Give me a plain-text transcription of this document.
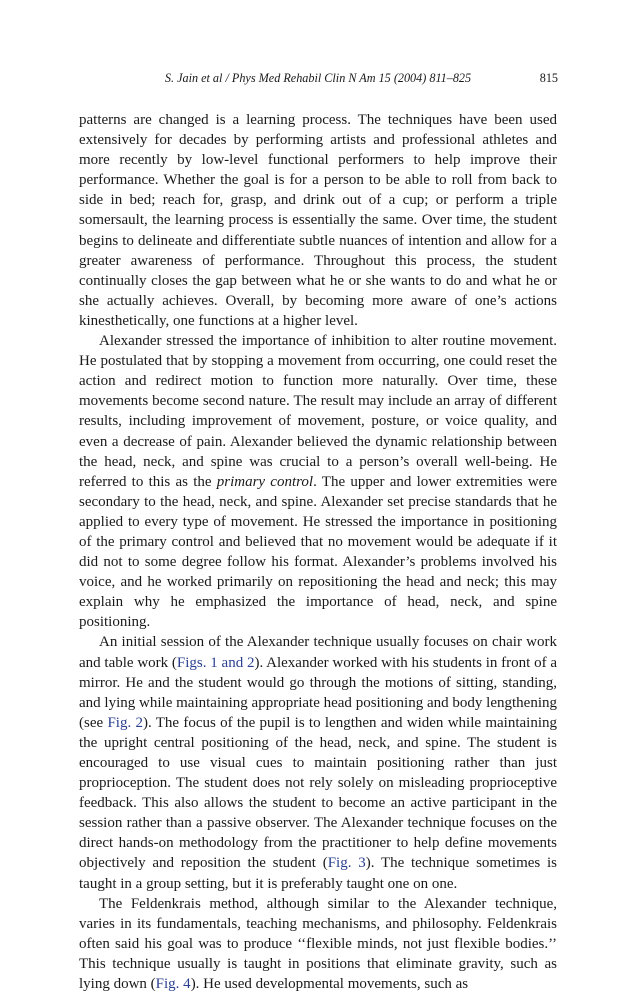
S. Jain et al / Phys Med Rehabil Clin N Am 15 (2004) 811–825	815

patterns are changed is a learning process. The techniques have been used extensively for decades by performing artists and professional athletes and more recently by low-level functional performers to help improve their performance. Whether the goal is for a person to be able to roll from back to side in bed; reach for, grasp, and drink out of a cup; or perform a triple somersault, the learning process is essentially the same. Over time, the student begins to delineate and differentiate subtle nuances of intention and allow for a greater awareness of performance. Throughout this process, the student continually closes the gap between what he or she wants to do and what he or she actually achieves. Overall, by becoming more aware of one’s actions kinesthetically, one functions at a higher level.

Alexander stressed the importance of inhibition to alter routine movement. He postulated that by stopping a movement from occurring, one could reset the action and redirect motion to function more naturally. Over time, these movements become second nature. The result may include an array of different results, including improvement of movement, posture, or voice quality, and even a decrease of pain. Alexander believed the dynamic relationship between the head, neck, and spine was crucial to a person’s overall well-being. He referred to this as the primary control. The upper and lower extremities were secondary to the head, neck, and spine. Alexander set precise standards that he applied to every type of movement. He stressed the importance in positioning of the primary control and believed that no movement would be adequate if it did not to some degree follow his format. Alexander’s problems involved his voice, and he worked primarily on repositioning the head and neck; this may explain why he emphasized the importance of head, neck, and spine positioning.

An initial session of the Alexander technique usually focuses on chair work and table work (Figs. 1 and 2). Alexander worked with his students in front of a mirror. He and the student would go through the motions of sitting, standing, and lying while maintaining appropriate head positioning and body lengthening (see Fig. 2). The focus of the pupil is to lengthen and widen while maintaining the upright central positioning of the head, neck, and spine. The student is encouraged to use visual cues to maintain positioning rather than just proprioception. The student does not rely solely on misleading proprioceptive feedback. This also allows the student to become an active participant in the session rather than a passive observer. The Alexander technique focuses on the direct hands-on methodology from the practitioner to help define movements objectively and reposition the student (Fig. 3). The technique sometimes is taught in a group setting, but it is preferably taught one on one.

The Feldenkrais method, although similar to the Alexander technique, varies in its fundamentals, teaching mechanisms, and philosophy. Feldenkrais often said his goal was to produce ‘‘flexible minds, not just flexible bodies.’’ This technique usually is taught in positions that eliminate gravity, such as lying down (Fig. 4). He used developmental movements, such as
